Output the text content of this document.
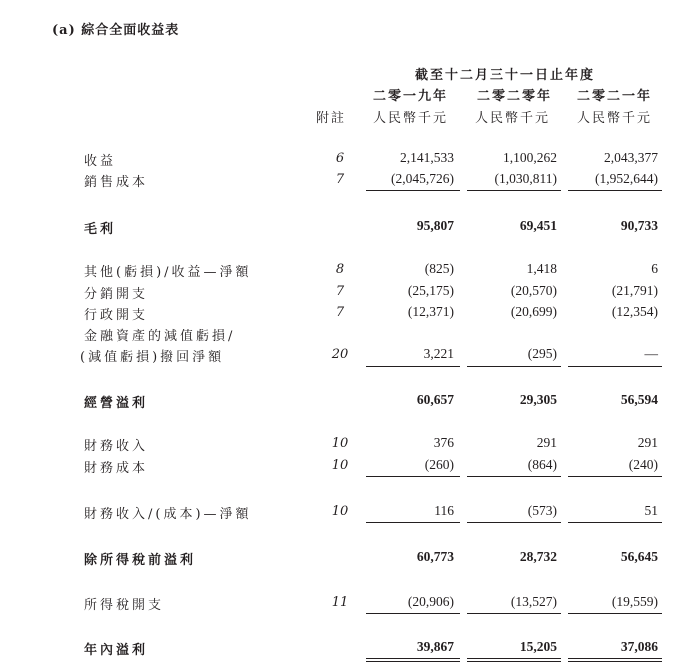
(a) 綜合全面收益表
截至十二月三十一日止年度
二零一九年 二零二零年 二零二一年
附註 人民幣千元 人民幣千元 人民幣千元
收益	6	2,141,533	1,100,262	2,043,377
銷售成本	7	(2,045,726)	(1,030,811)	(1,952,644)
毛利	95,807	69,451	90,733
其他(虧損)/收益—淨額	8	(825)	1,418	6
分銷開支	7	(25,175)	(20,570)	(21,791)
行政開支	7	(12,371)	(20,699)	(12,354)
金融資產的減值虧損/
(減值虧損)撥回淨額	20	3,221	(295)	—
經營溢利	60,657	29,305	56,594
財務收入	10	376	291	291
財務成本	10	(260)	(864)	(240)
財務收入/(成本)—淨額	10	116	(573)	51
除所得稅前溢利	60,773	28,732	56,645
所得稅開支	11	(20,906)	(13,527)	(19,559)
年內溢利	39,867	15,205	37,086
